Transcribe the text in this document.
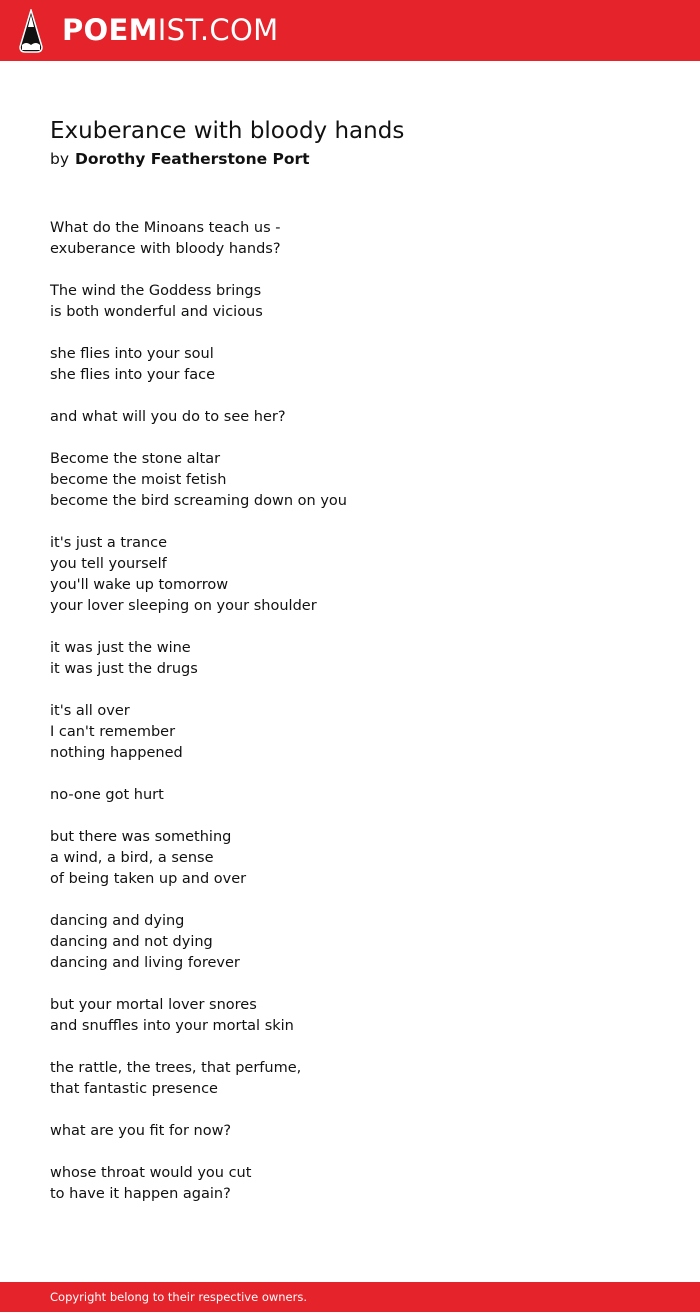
POEMIST.COM
Exuberance with bloody hands
by Dorothy Featherstone Port
What do the Minoans teach us -
exuberance with bloody hands?
The wind the Goddess brings
is both wonderful and vicious
she flies into your soul
she flies into your face
and what will you do to see her?
Become the stone altar
become the moist fetish
become the bird screaming down on you
it's just a trance
you tell yourself
you'll wake up tomorrow
your lover sleeping on your shoulder
it was just the wine
it was just the drugs
it's all over
I can't remember
nothing happened
no-one got hurt
but there was something
a wind, a bird, a sense
of being taken up and over
dancing and dying
dancing and not dying
dancing and living forever
but your mortal lover snores
and snuffles into your mortal skin
the rattle, the trees, that perfume,
that fantastic presence
what are you fit for now?
whose throat would you cut
to have it happen again?
Copyright belong to their respective owners.
